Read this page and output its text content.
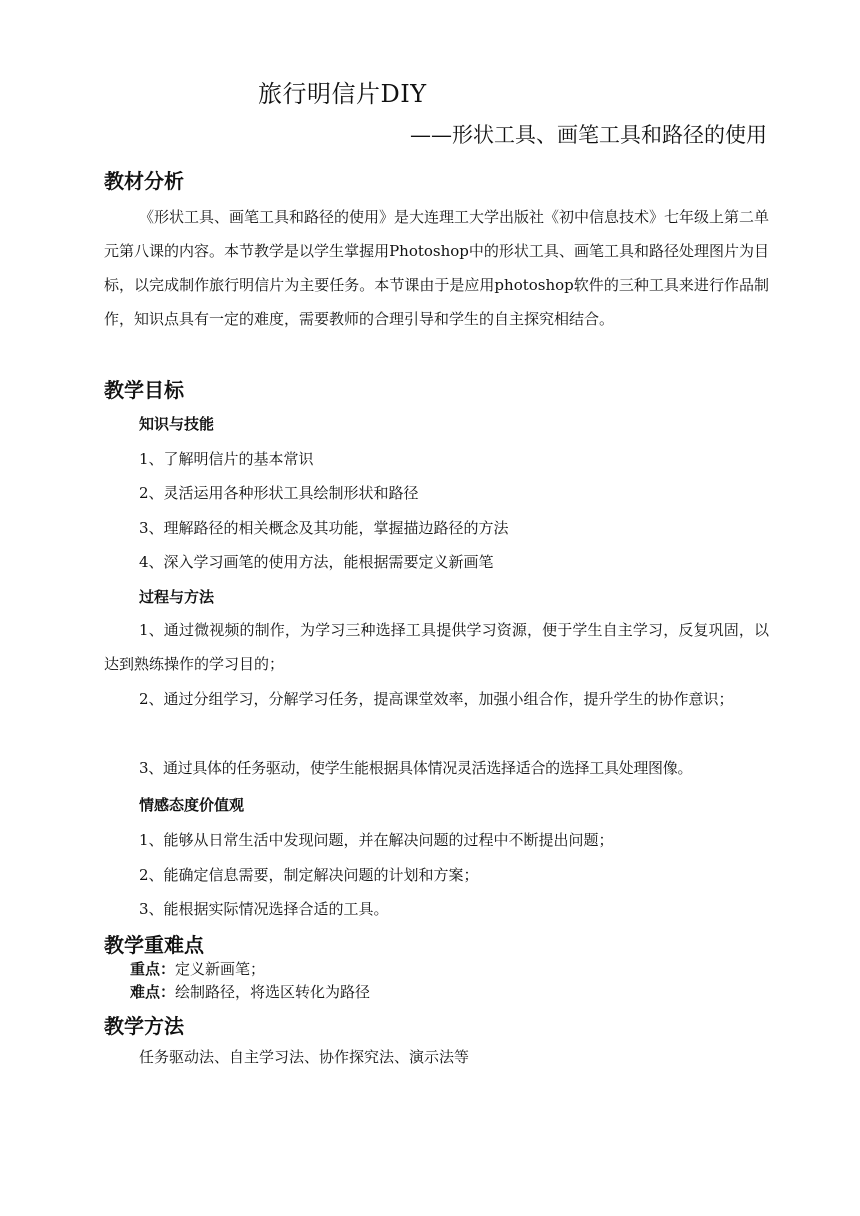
旅行明信片DIY
——形状工具、画笔工具和路径的使用
教材分析
《形状工具、画笔工具和路径的使用》是大连理工大学出版社《初中信息技术》七年级上第二单元第八课的内容。本节教学是以学生掌握用Photoshop中的形状工具、画笔工具和路径处理图片为目标，以完成制作旅行明信片为主要任务。本节课由于是应用photoshop软件的三种工具来进行作品制作，知识点具有一定的难度，需要教师的合理引导和学生的自主探究相结合。
教学目标
知识与技能
1、了解明信片的基本常识
2、灵活运用各种形状工具绘制形状和路径
3、理解路径的相关概念及其功能，掌握描边路径的方法
4、深入学习画笔的使用方法，能根据需要定义新画笔
过程与方法
1、通过微视频的制作，为学习三种选择工具提供学习资源，便于学生自主学习，反复巩固，以达到熟练操作的学习目的；
2、通过分组学习，分解学习任务，提高课堂效率，加强小组合作，提升学生的协作意识；
3、通过具体的任务驱动，使学生能根据具体情况灵活选择适合的选择工具处理图像。
情感态度价值观
1、能够从日常生活中发现问题，并在解决问题的过程中不断提出问题；
2、能确定信息需要，制定解决问题的计划和方案；
3、能根据实际情况选择合适的工具。
教学重难点
重点：定义新画笔；
难点：绘制路径，将选区转化为路径
教学方法
任务驱动法、自主学习法、协作探究法、演示法等
